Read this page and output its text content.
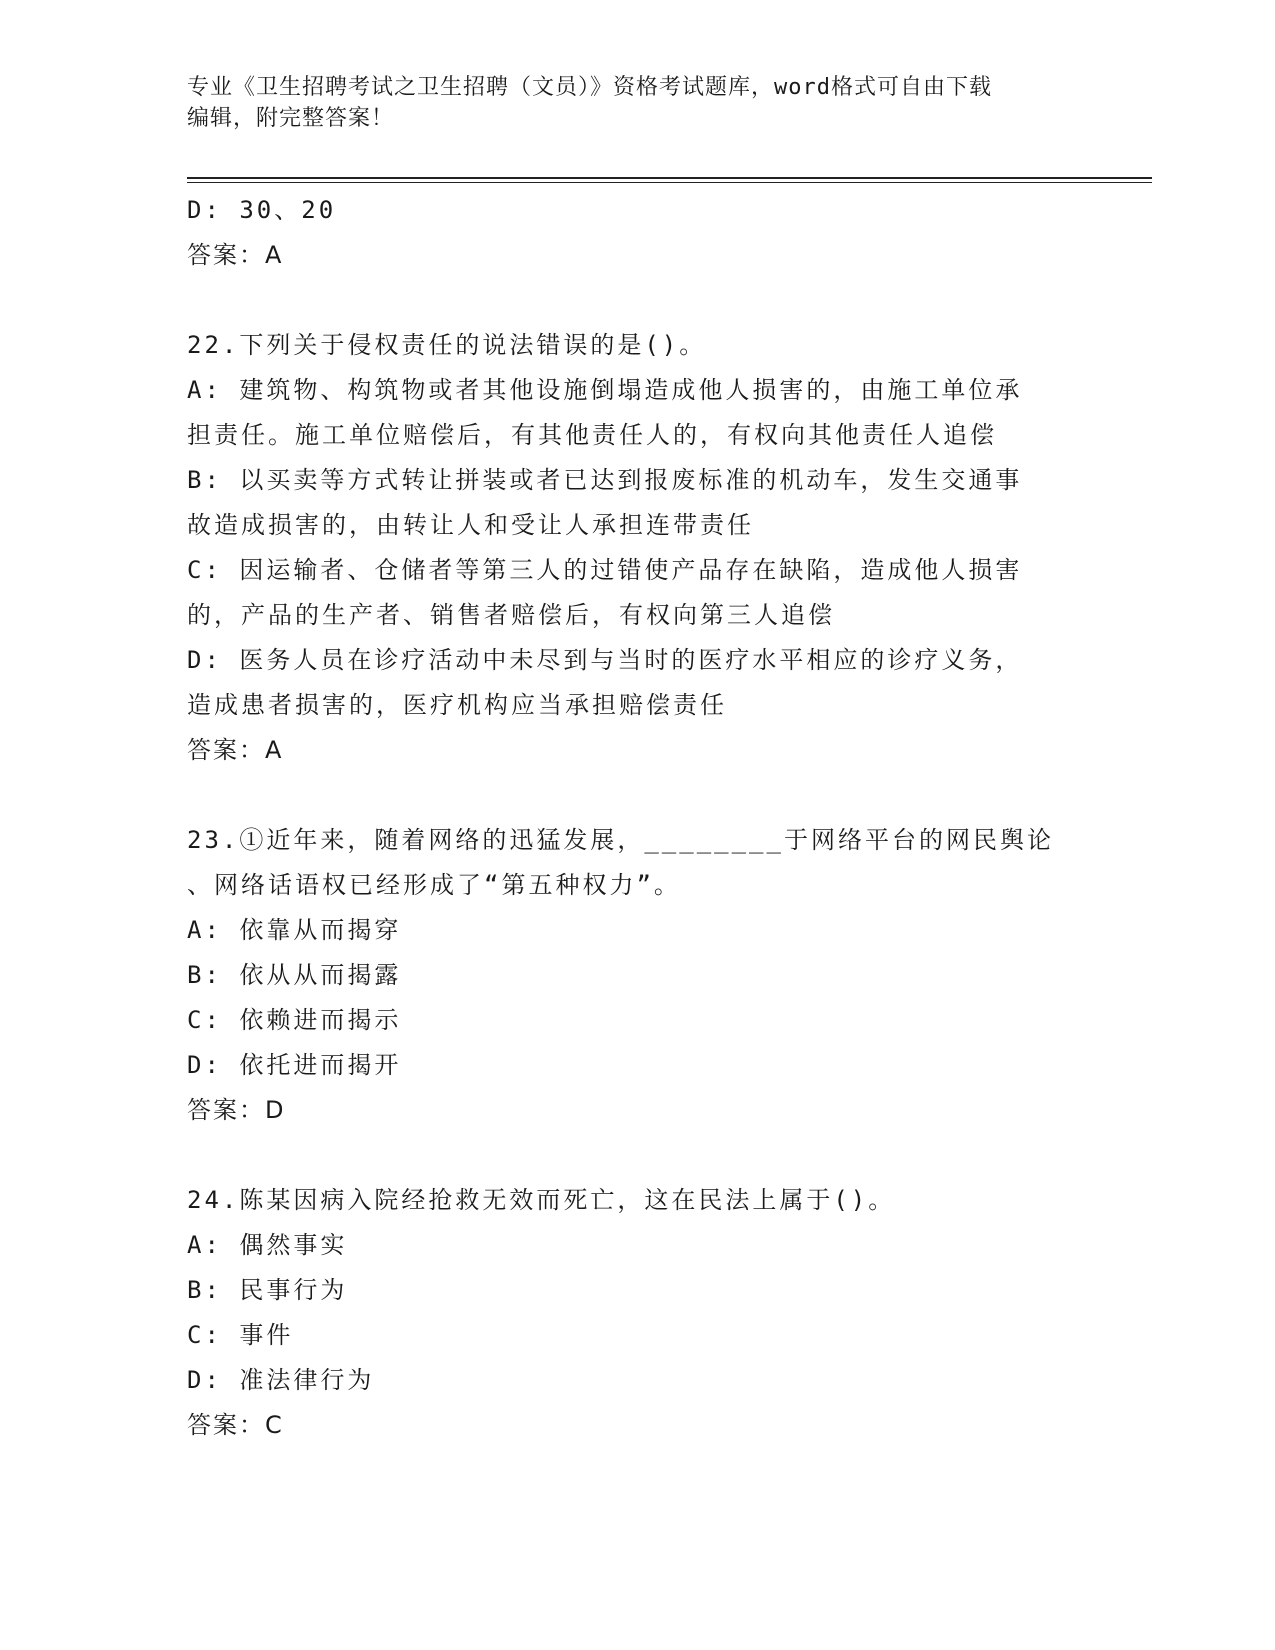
专业《卫生招聘考试之卫生招聘（文员）》资格考试题库，word格式可自由下载
编辑，附完整答案！
D: 30、20
答案：A
22.下列关于侵权责任的说法错误的是()。
A: 建筑物、构筑物或者其他设施倒塌造成他人损害的，由施工单位承
担责任。施工单位赔偿后，有其他责任人的，有权向其他责任人追偿
B: 以买卖等方式转让拼装或者已达到报废标准的机动车，发生交通事
故造成损害的，由转让人和受让人承担连带责任
C: 因运输者、仓储者等第三人的过错使产品存在缺陷，造成他人损害
的，产品的生产者、销售者赔偿后，有权向第三人追偿
D: 医务人员在诊疗活动中未尽到与当时的医疗水平相应的诊疗义务，
造成患者损害的，医疗机构应当承担赔偿责任
答案：A
23.①近年来，随着网络的迅猛发展，________于网络平台的网民舆论
、网络话语权已经形成了“第五种权力”。
A: 依靠从而揭穿
B: 依从从而揭露
C: 依赖进而揭示
D: 依托进而揭开
答案：D
24.陈某因病入院经抢救无效而死亡，这在民法上属于()。
A: 偶然事实
B: 民事行为
C: 事件
D: 准法律行为
答案：C
